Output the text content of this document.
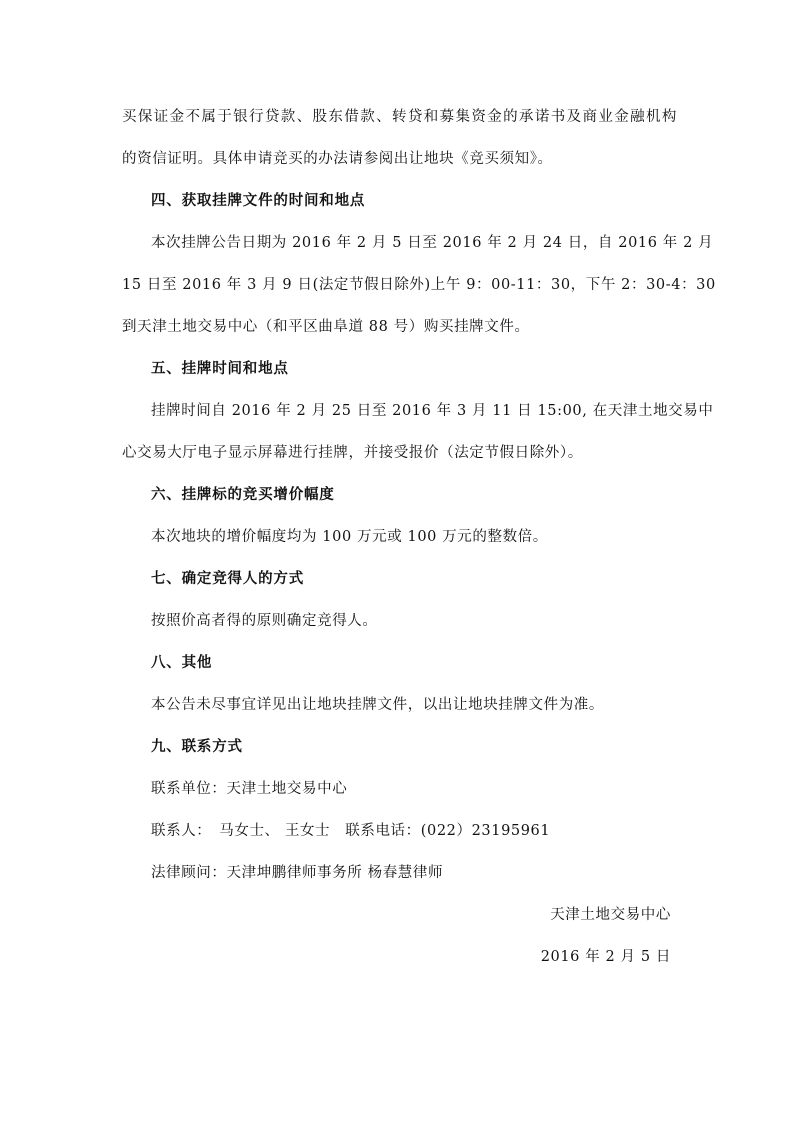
买保证金不属于银行贷款、股东借款、转贷和募集资金的承诺书及商业金融机构
的资信证明。具体申请竞买的办法请参阅出让地块《竞买须知》。
四、获取挂牌文件的时间和地点
本次挂牌公告日期为 2016 年 2 月 5 日至 2016 年 2 月 24 日，自 2016 年 2 月
15 日至 2016 年 3 月 9 日(法定节假日除外)上午 9：00-11：30，下午 2：30-4：30
到天津土地交易中心（和平区曲阜道 88 号）购买挂牌文件。
五、挂牌时间和地点
挂牌时间自 2016 年 2 月 25 日至 2016 年 3 月 11 日 15:00, 在天津土地交易中
心交易大厅电子显示屏幕进行挂牌，并接受报价（法定节假日除外）。
六、挂牌标的竞买增价幅度
本次地块的增价幅度均为 100 万元或 100 万元的整数倍。
七、确定竞得人的方式
按照价高者得的原则确定竞得人。
八、其他
本公告未尽事宜详见出让地块挂牌文件，以出让地块挂牌文件为准。
九、联系方式
联系单位：天津土地交易中心
联系人：　马女士、 王女士　联系电话：(022）23195961
法律顾问：天津坤鹏律师事务所 杨春慧律师
天津土地交易中心
2016 年 2 月 5 日
